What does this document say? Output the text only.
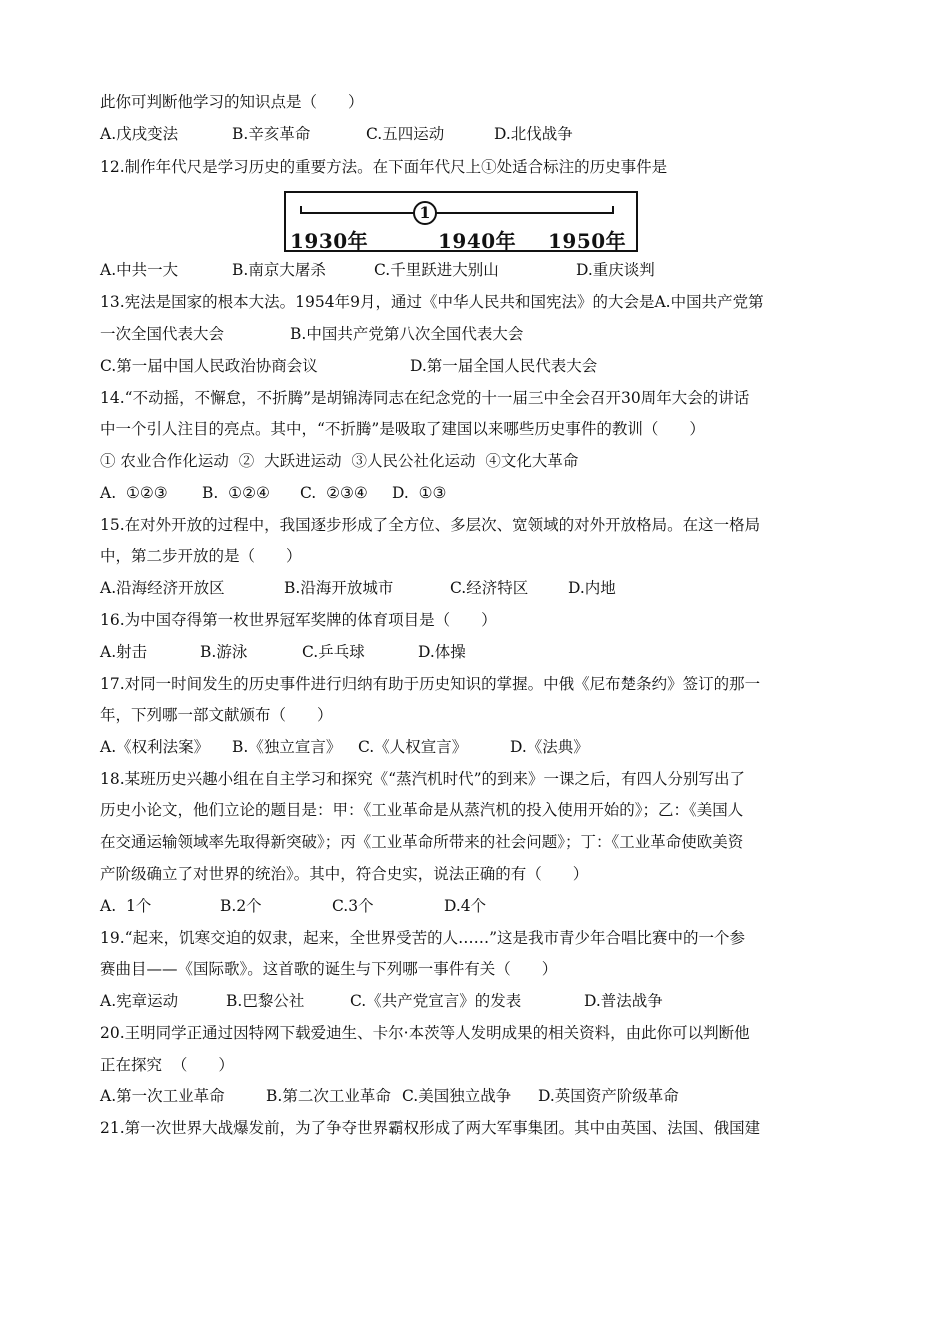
此你可判断他学习的知识点是（　　）
A.戊戌变法	B.辛亥革命	C.五四运动	D.北伐战争
12.制作年代尺是学习历史的重要方法。在下面年代尺上①处适合标注的历史事件是
1
1930年	1940年 1950年
A.中共一大	B.南京大屠杀	C.千里跃进大别山	D.重庆谈判
13.宪法是国家的根本大法。1954年9月，通过《中华人民共和国宪法》的大会是A.中国共产党第
一次全国代表大会	B.中国共产党第八次全国代表大会
C.第一届中国人民政治协商会议	D.第一届全国人民代表大会
14.“不动摇，不懈怠，不折腾”是胡锦涛同志在纪念党的十一届三中全会召开30周年大会的讲话
中一个引人注目的亮点。其中，“不折腾”是吸取了建国以来哪些历史事件的教训（　　）
① 农业合作化运动  ②  大跃进运动  ③人民公社化运动  ④文化大革命
A.  ①②③ B.  ①②④ C.  ②③④ D.  ①③
15.在对外开放的过程中，我国逐步形成了全方位、多层次、宽领域的对外开放格局。在这一格局
中，第二步开放的是（　　）
A.沿海经济开放区	B.沿海开放城市	C.经济特区	D.内地
16.为中国夺得第一枚世界冠军奖牌的体育项目是（　　）
A.射击	B.游泳	C.乒乓球	D.体操
17.对同一时间发生的历史事件进行归纳有助于历史知识的掌握。中俄《尼布楚条约》签订的那一
年，下列哪一部文献颁布（　　）
A.《权利法案》 B.《独立宣言》 C.《人权宣言》	D.《法典》
18.某班历史兴趣小组在自主学习和探究《“蒸汽机时代”的到来》一课之后，有四人分别写出了
历史小论文，他们立论的题目是：甲：《工业革命是从蒸汽机的投入使用开始的》；乙：《美国人
在交通运输领域率先取得新突破》；丙《工业革命所带来的社会问题》；丁：《工业革命使欧美资
产阶级确立了对世界的统治》。其中，符合史实，说法正确的有（　　）
A.  1个	B.2个	C.3个	D.4个
19.“起来，饥寒交迫的奴隶，起来，全世界受苦的人……”这是我市青少年合唱比赛中的一个参
赛曲目——《国际歌》。这首歌的诞生与下列哪一事件有关（　　）
A.宪章运动	B.巴黎公社	C.《共产党宣言》的发表	D.普法战争
20.王明同学正通过因特网下载爱迪生、卡尔·本茨等人发明成果的相关资料，由此你可以判断他
正在探究  （　　）
A.第一次工业革命	B.第二次工业革命 C.美国独立战争 D.英国资产阶级革命
21.第一次世界大战爆发前，为了争夺世界霸权形成了两大军事集团。其中由英国、法国、俄国建
